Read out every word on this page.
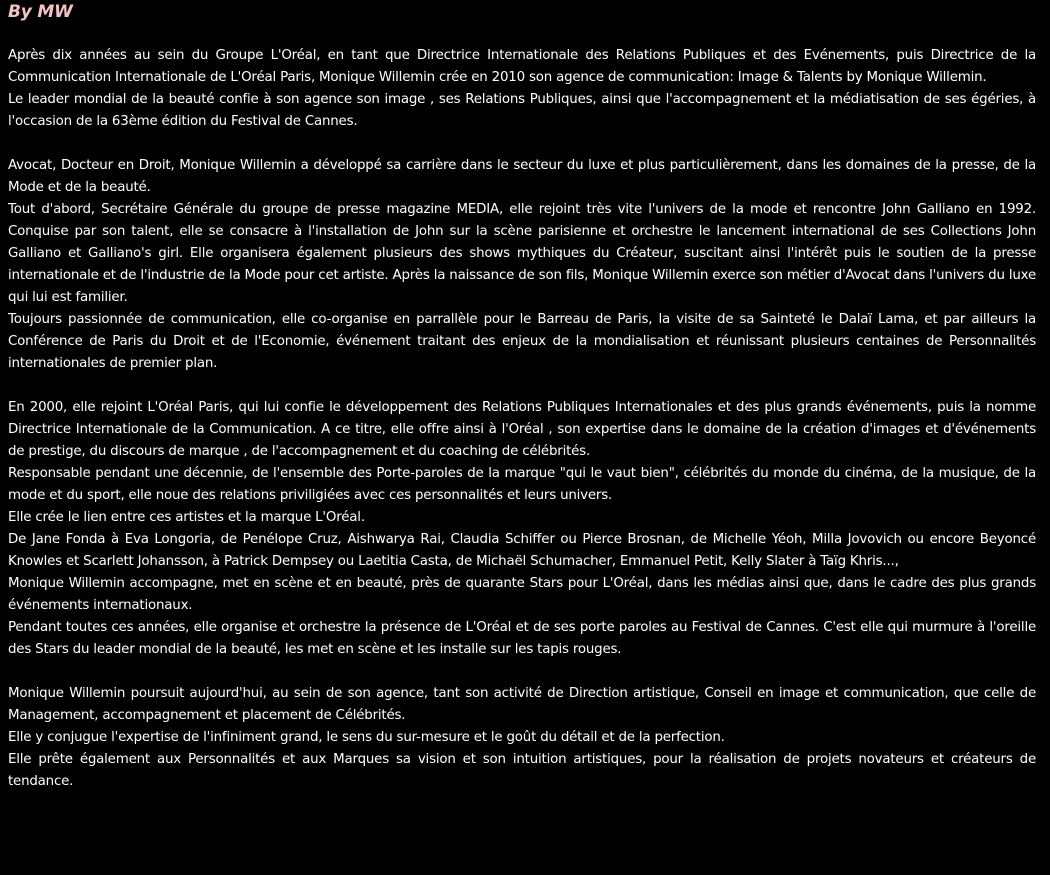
By MW

Après dix années au sein du Groupe L'Oréal, en tant que Directrice Internationale des Relations Publiques et des Evénements, puis Directrice de la Communication Internationale de L'Oréal Paris, Monique Willemin crée en 2010 son agence de communication: Image & Talents by Monique Willemin.

Le leader mondial de la beauté confie à son agence son image , ses Relations Publiques, ainsi que l'accompagnement et la médiatisation de ses égéries, à l'occasion de la 63ème édition du Festival de Cannes.

Avocat, Docteur en Droit, Monique Willemin a développé sa carrière dans le secteur du luxe et plus particulièrement, dans les domaines de la presse, de la Mode et de la beauté.

Tout d'abord, Secrétaire Générale du groupe de presse magazine MEDIA, elle rejoint très vite l'univers de la mode et rencontre John Galliano en 1992. Conquise par son talent, elle se consacre à l'installation de John sur la scène parisienne et orchestre le lancement international de ses Collections John Galliano et Galliano's girl. Elle organisera également plusieurs des shows mythiques du Créateur, suscitant ainsi l'intérêt puis le soutien de la presse internationale et de l'industrie de la Mode pour cet artiste. Après la naissance de son fils, Monique Willemin exerce son métier d'Avocat dans l'univers du luxe qui lui est familier.

Toujours passionnée de communication, elle co-organise en parrallèle pour le Barreau de Paris, la visite de sa Sainteté le Dalaï Lama, et par ailleurs la Conférence de Paris du Droit et de l'Economie, événement traitant des enjeux de la mondialisation et réunissant plusieurs centaines de Personnalités internationales de premier plan.

En 2000, elle rejoint L'Oréal Paris, qui lui confie le développement des Relations Publiques Internationales et des plus grands événements, puis la nomme Directrice Internationale de la Communication. A ce titre, elle offre ainsi à l'Oréal , son expertise dans le domaine de la création d'images et d'événements de prestige, du discours de marque , de l'accompagnement et du coaching de célébrités.

Responsable pendant une décennie, de l'ensemble des Porte-paroles de la marque "qui le vaut bien", célébrités du monde du cinéma, de la musique, de la mode et du sport, elle noue des relations priviligiées avec ces personnalités et leurs univers.

Elle crée le lien entre ces artistes et la marque L'Oréal.

De Jane Fonda à Eva Longoria, de Penélope Cruz, Aishwarya Rai, Claudia Schiffer ou Pierce Brosnan, de Michelle Yéoh, Milla Jovovich ou encore Beyoncé Knowles et Scarlett Johansson, à Patrick Dempsey ou Laetitia Casta, de Michaël Schumacher, Emmanuel Petit, Kelly Slater à Taïg Khris...,

Monique Willemin accompagne, met en scène et en beauté, près de quarante Stars pour L'Oréal, dans les médias ainsi que, dans le cadre des plus grands événements internationaux.

Pendant toutes ces années, elle organise et orchestre la présence de L'Oréal et de ses porte paroles au Festival de Cannes. C'est elle qui murmure à l'oreille des Stars du leader mondial de la beauté, les met en scène et les installe sur les tapis rouges.

Monique Willemin poursuit aujourd'hui, au sein de son agence, tant son activité de Direction artistique, Conseil en image et communication, que celle de Management, accompagnement et placement de Célébrités.

Elle y conjugue l'expertise de l'infiniment grand, le sens du sur-mesure et le goût du détail et de la perfection.

Elle prête également aux Personnalités et aux Marques sa vision et son intuition artistiques, pour la réalisation de projets novateurs et créateurs de tendance.
